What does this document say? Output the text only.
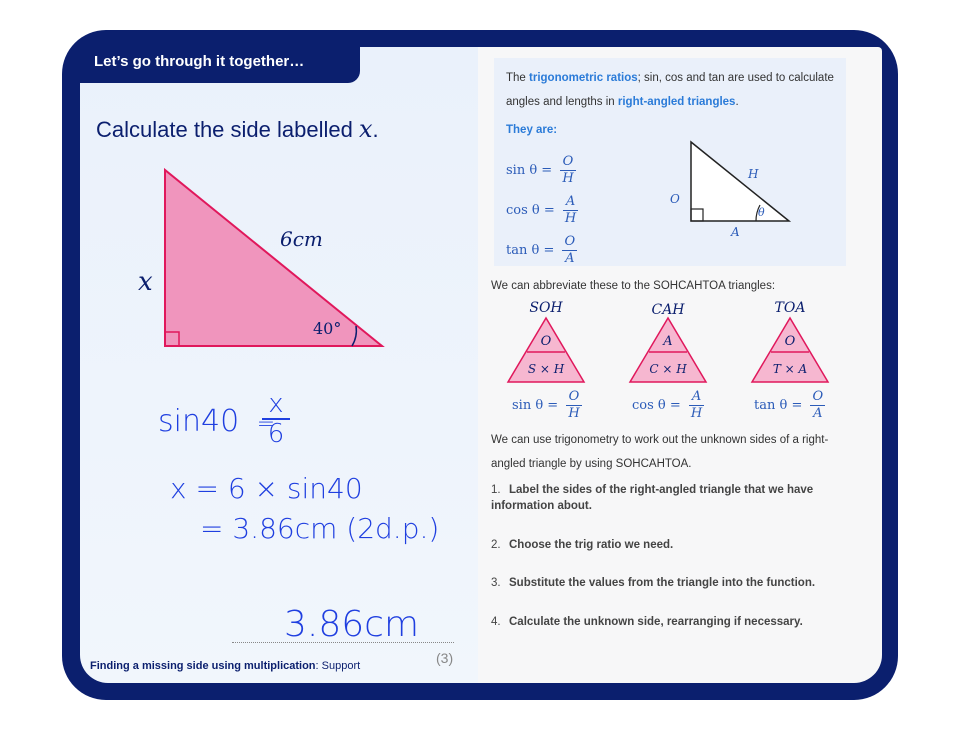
Let’s go through it together…
Calculate the side labelled x.
6cm
x
40°
sin40 =
$\frac{x}{6}$
x = 6 × sin40
= 3.86cm (2d.p.)
3.86cm
Finding a missing side using multiplication: Support	(3)
The trigonometric ratios; sin, cos and tan are used to calculate angles and lengths in right-angled triangles.
They are:
$\sin \theta = \frac{O}{H}$
$\cos \theta = \frac{A}{H}$
$\tan \theta = \frac{O}{A}$
O
H
A
θ
We can abbreviate these to the SOHCAHTOA triangles:
SOH
O
S × H
CAH
A
C × H
TOA
O
T × A
$\sin \theta = \frac{O}{H}$	$\cos \theta = \frac{A}{H}$	$\tan \theta = \frac{O}{A}$
We can use trigonometry to work out the unknown sides of a right-angled triangle by using SOHCAHTOA.
1. Label the sides of the right-angled triangle that we have information about.
2. Choose the trig ratio we need.
3. Substitute the values from the triangle into the function.
4. Calculate the unknown side, rearranging if necessary.
